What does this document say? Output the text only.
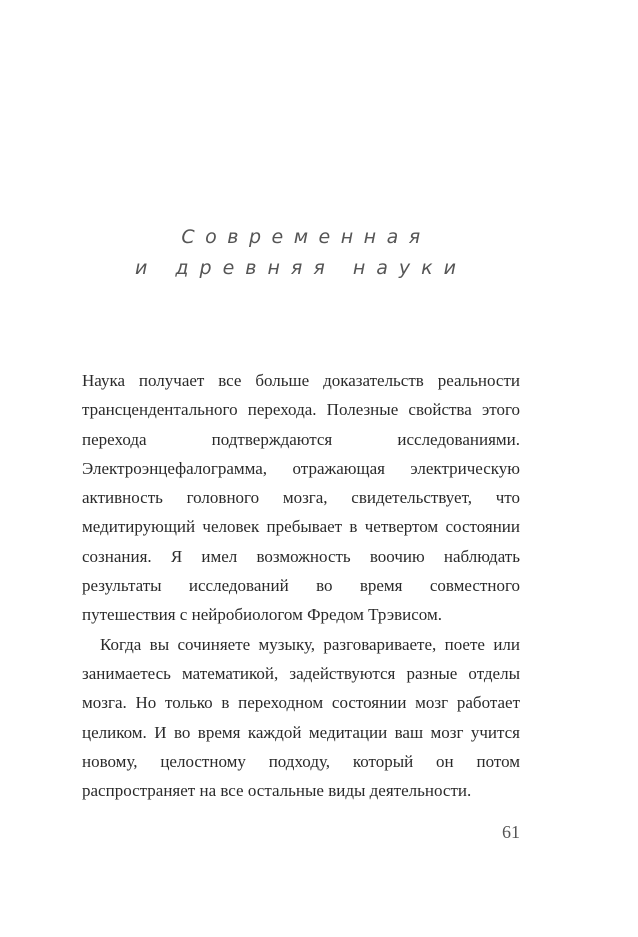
Современная
и древняя науки

Наука получает все больше доказательств реальности трансцендентального перехода. Полезные свойства этого перехода подтверждаются исследованиями. Электроэнцефалограмма, отражающая электрическую активность головного мозга, свидетельствует, что медитирующий человек пребывает в четвертом состоянии сознания. Я имел возможность воочию наблюдать результаты исследований во время совместного путешествия с нейробиологом Фредом Трэвисом.

Когда вы сочиняете музыку, разговариваете, поете или занимаетесь математикой, задействуются разные отделы мозга. Но только в переходном состоянии мозг работает целиком. И во время каждой медитации ваш мозг учится новому, целостному подходу, который он потом распространяет на все остальные виды деятельности.

61
